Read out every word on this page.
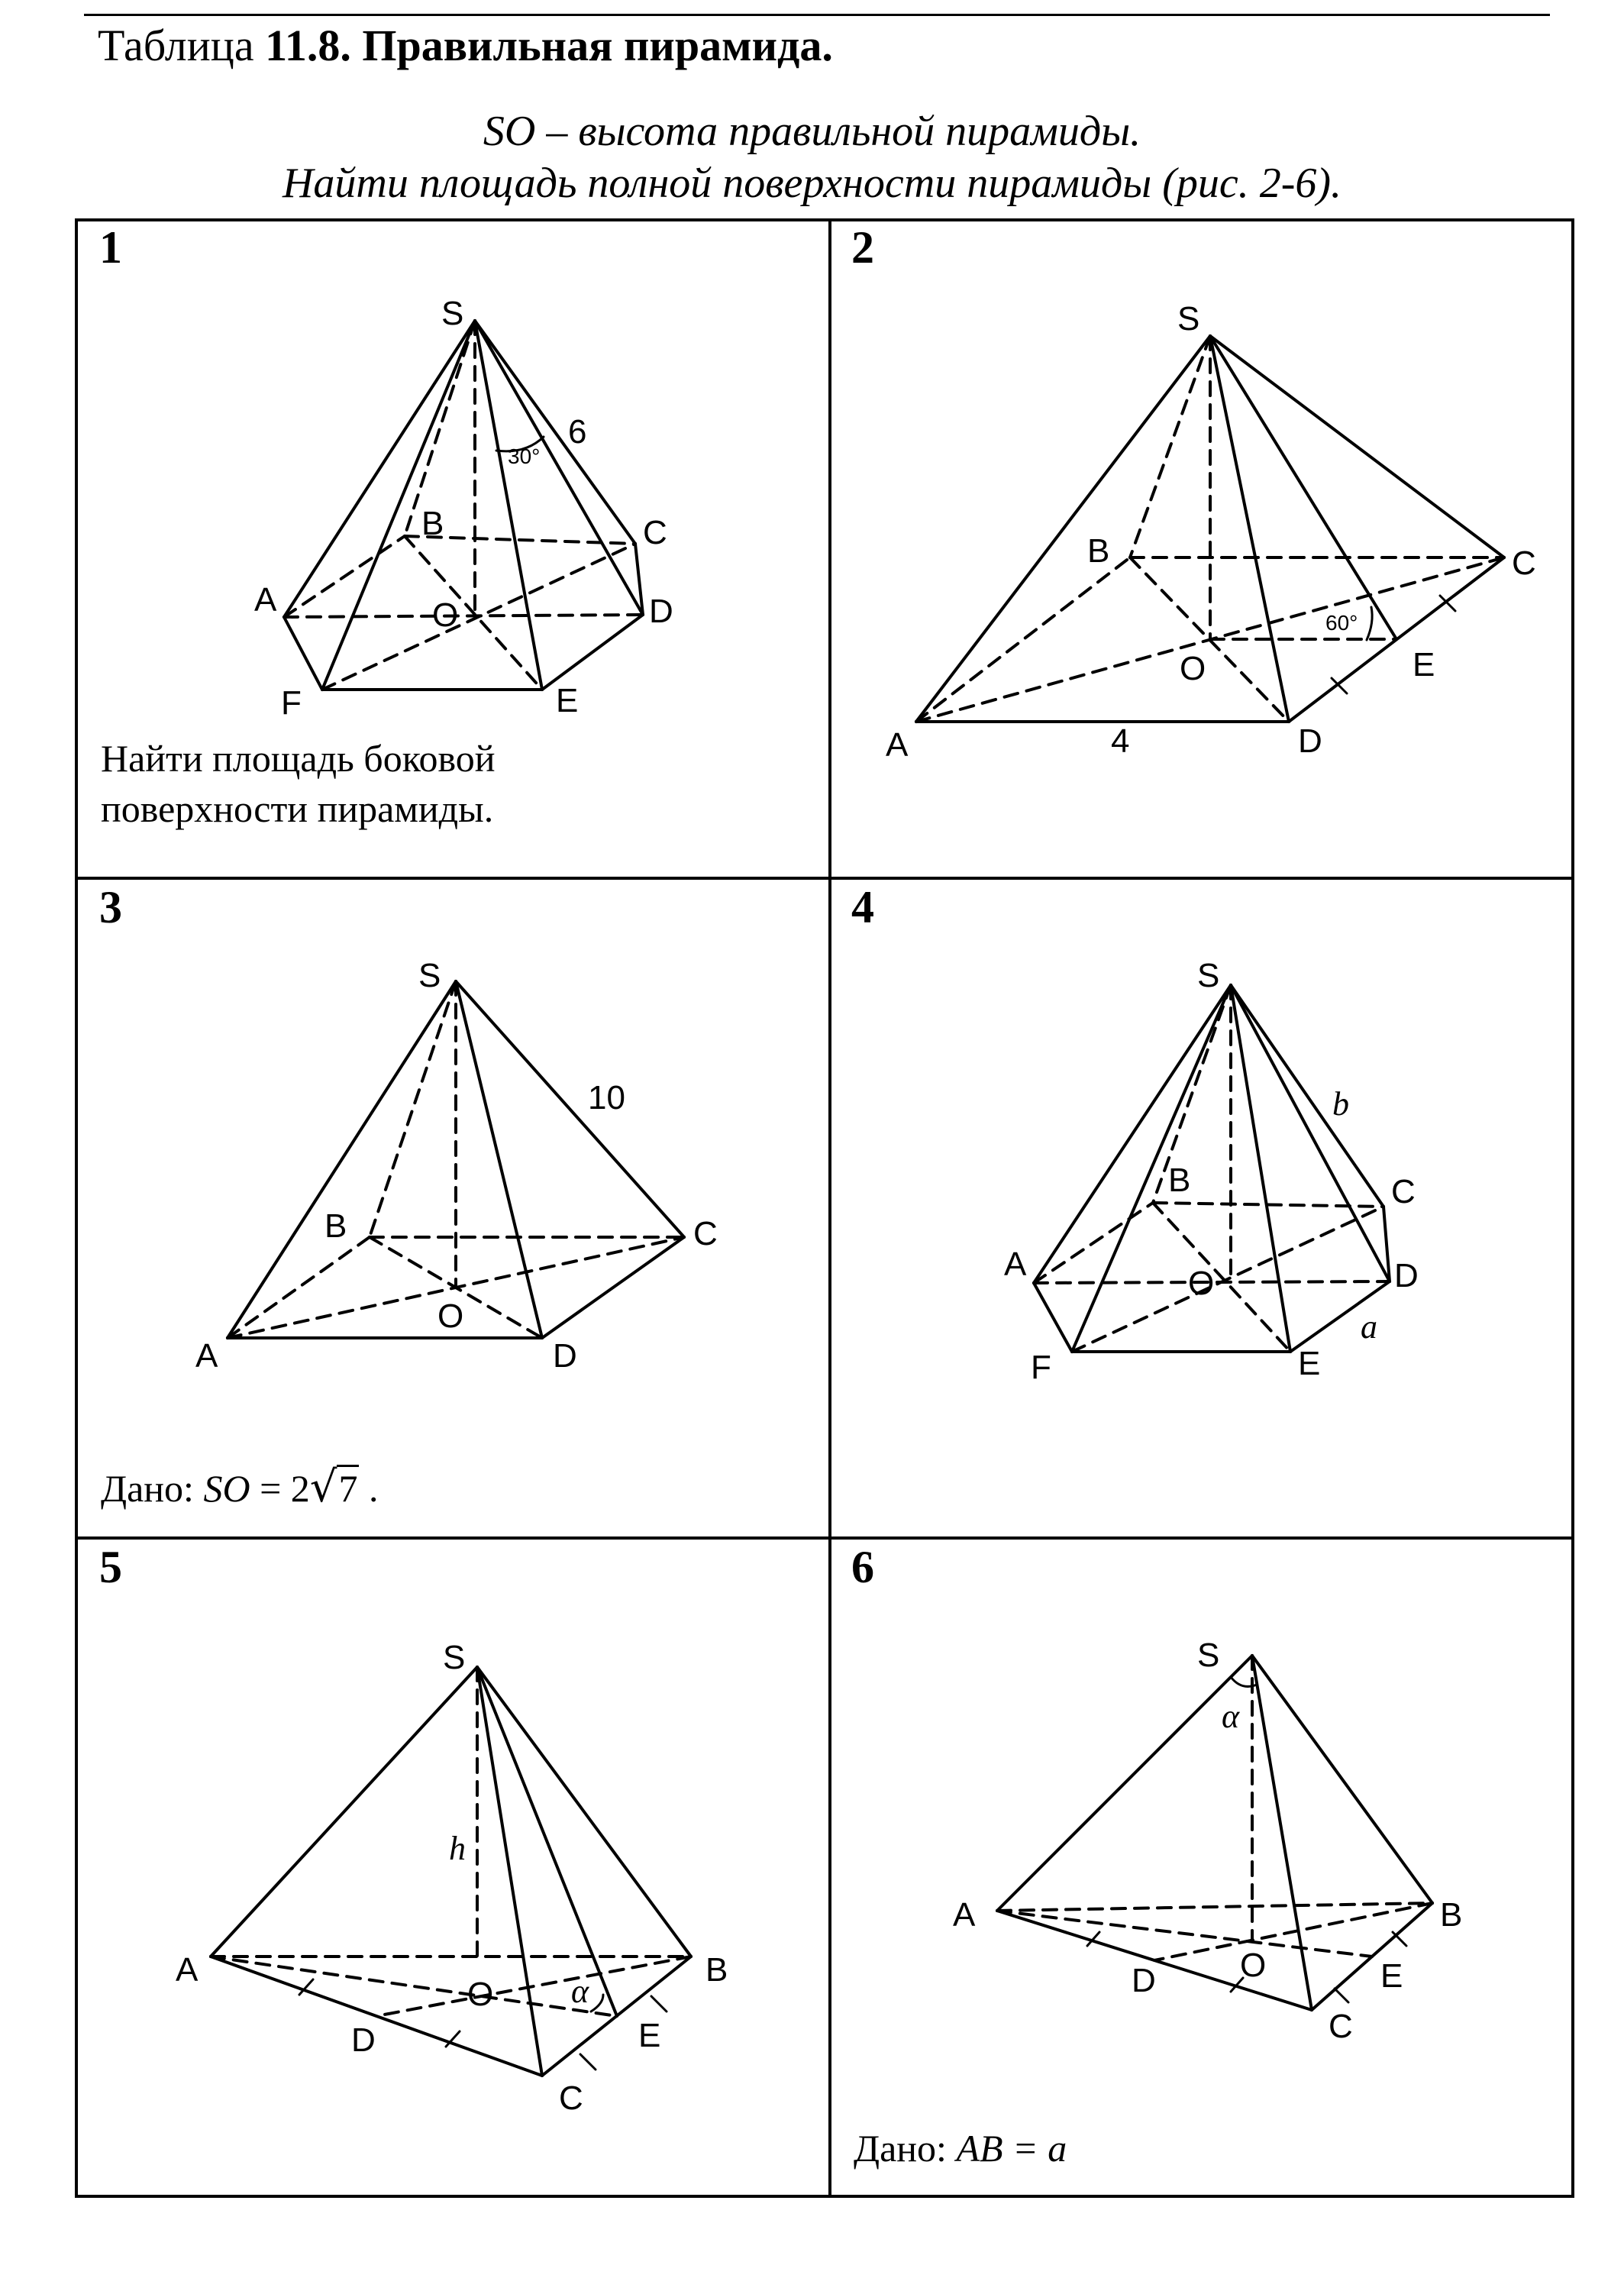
Таблица 11.8. Правильная пирамида.
SO – высота правильной пирамиды.
Найти площадь полной поверхности пирамиды (рис. 2-6).
1	2
3	4
5	6
S
A
B	C
D
E
F
O
6
30°
Найти площадь боковой поверхности пирамиды.
S
A
B	C
D
E
O
4
60°
S
A
B	C
D
O
10
Дано: SO = 2√7 .
S
A
B	C
D
E
F
O
b
a
S
A	B
C
D	E
O
h
α
S
A	B
C
D	E
O
α
Дано: AB = a
